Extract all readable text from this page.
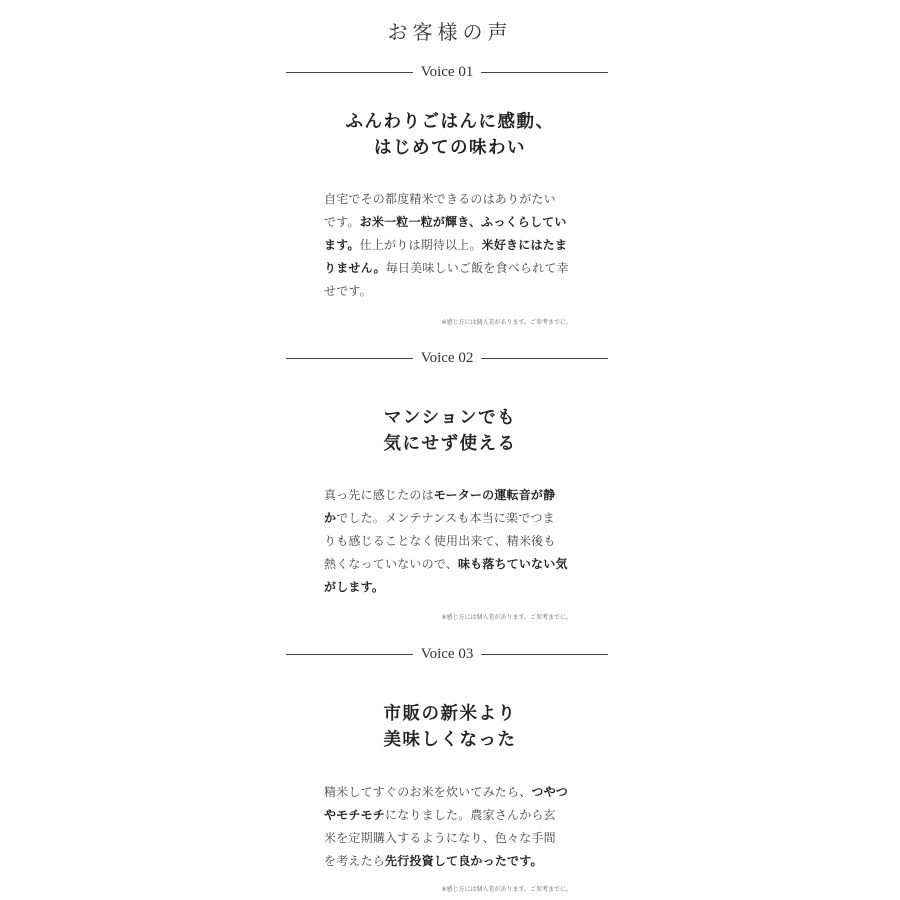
お客様の声
Voice 01
ふんわりごはんに感動、
はじめての味わい
自宅でその都度精米できるのはありがたい
です。お米一粒一粒が輝き、ふっくらしてい
ます。仕上がりは期待以上。米好きにはたま
りません。毎日美味しいご飯を食べられて幸
せです。
※感じ方には個人差があります。ご参考までに。
Voice 02
マンションでも
気にせず使える
真っ先に感じたのはモーターの運転音が静
かでした。メンテナンスも本当に楽でつま
りも感じることなく使用出来て、精米後も
熱くなっていないので、味も落ちていない気
がします。
※感じ方には個人差があります。ご参考までに。
Voice 03
市販の新米より
美味しくなった
精米してすぐのお米を炊いてみたら、つやつ
やモチモチになりました。農家さんから玄
米を定期購入するようになり、色々な手間
を考えたら先行投資して良かったです。
※感じ方には個人差があります。ご参考までに。
